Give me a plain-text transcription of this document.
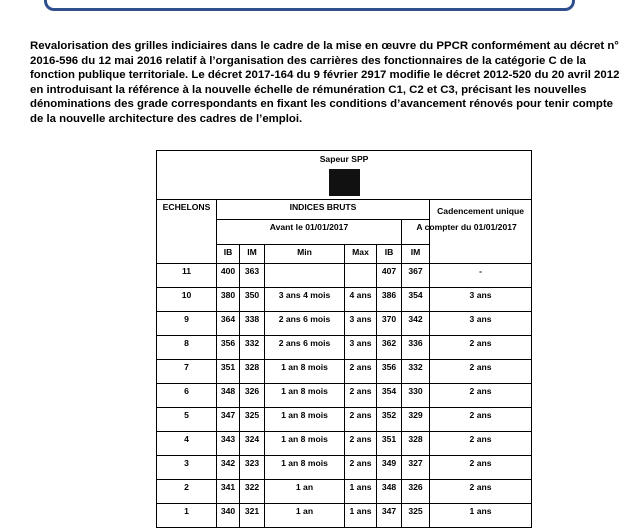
Revalorisation des grilles indiciaires dans le cadre de la mise en œuvre du PPCR conformément au décret n° 2016-596 du 12 mai 2016 relatif à l’organisation des carrières des fonctionnaires de la catégorie C de la fonction publique territoriale. Le décret 2017-164 du 9 février 2917 modifie le décret 2012-520 du 20 avril 2012 en introduisant la référence à la nouvelle échelle de rémunération C1, C2 et C3, précisant les nouvelles dénominations des grade correspondants en fixant les conditions d’avancement rénovés pour tenir compte de la nouvelle architecture des cadres de l’emploi.

Sapeur SPP							

ECHELONS	INDICES BRUTS						Cadencement unique
	Avant le 01/01/2017					A compter du 01/01/2017	
	IB	IM	Min	Max	IB	IM	
11	400	363			407	367	-
10	380	350	3 ans 4 mois	4 ans	386	354	3 ans
9	364	338	2 ans 6 mois	3 ans	370	342	3 ans
8	356	332	2 ans 6 mois	3 ans	362	336	2 ans
7	351	328	1 an 8 mois	2 ans	356	332	2 ans
6	348	326	1 an 8 mois	2 ans	354	330	2 ans
5	347	325	1 an 8 mois	2 ans	352	329	2 ans
4	343	324	1 an 8 mois	2 ans	351	328	2 ans
3	342	323	1 an 8 mois	2 ans	349	327	2 ans
2	341	322	1 an	1 ans	348	326	2 ans
1	340	321	1 an	1 ans	347	325	1 ans
